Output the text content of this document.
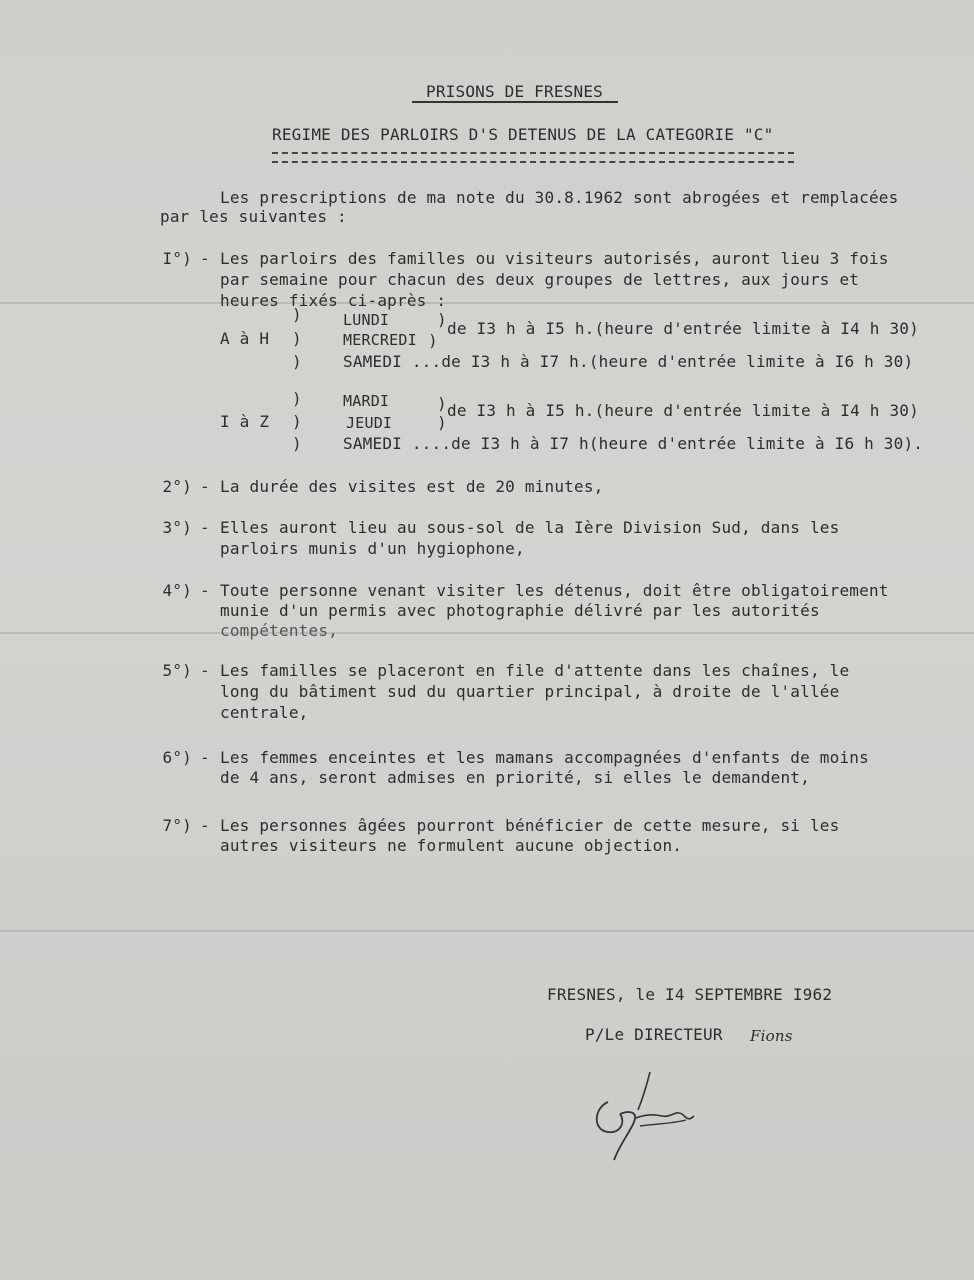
PRISONS DE FRESNES
REGIME DES PARLOIRS D'S DETENUS DE LA CATEGORIE "C"
Les prescriptions de ma note du 30.8.1962 sont abrogées et remplacées
par les suivantes :
I°) - Les parloirs des familles ou visiteurs autorisés, auront lieu 3 fois
par semaine pour chacun des deux groupes de lettres, aux jours et
heures fixés ci-après :
)
)
)
A à H
LUNDI
MERCREDI
)
)
de I3 h à I5 h.(heure d'entrée limite à I4 h 30)
SAMEDI ...de I3 h à I7 h.(heure d'entrée limite à I6 h 30)
)
)
)
I à Z
MARDI
JEUDI
)
)
de I3 h à I5 h.(heure d'entrée limite à I4 h 30)
SAMEDI ....de I3 h à I7 h(heure d'entrée limite à I6 h 30).
2°) - La durée des visites est de 20 minutes,
3°) - Elles auront lieu au sous-sol de la Ière Division Sud, dans les
parloirs munis d'un hygiophone,
4°) - Toute personne venant visiter les détenus, doit être obligatoirement
munie d'un permis avec photographie délivré par les autorités
compétentes,
5°) - Les familles se placeront en file d'attente dans les chaînes, le
long du bâtiment sud du quartier principal, à droite de l'allée
centrale,
6°) - Les femmes enceintes et les mamans accompagnées d'enfants de moins
de 4 ans, seront admises en priorité, si elles le demandent,
7°) - Les personnes âgées pourront bénéficier de cette mesure, si les
autres visiteurs ne formulent aucune objection.
FRESNES, le I4 SEPTEMBRE I962
P/Le DIRECTEUR Fions
